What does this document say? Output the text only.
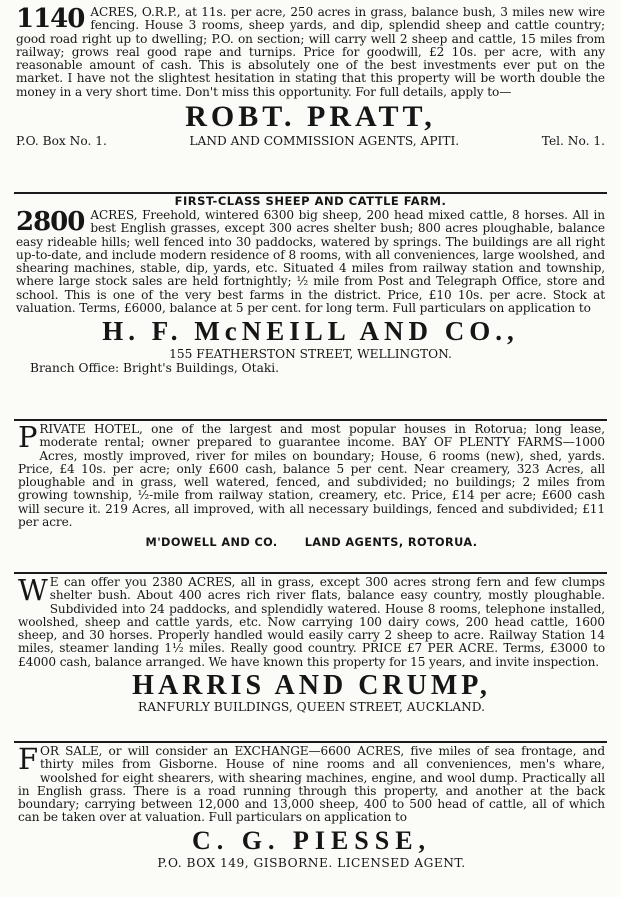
1140 ACRES, O.R.P., at 11s. per acre, 250 acres in grass, balance bush, 3 miles new wire fencing. House 3 rooms, sheep yards, and dip, splendid sheep and cattle country; good road right up to dwelling; P.O. on section; will carry well 2 sheep and cattle, 15 miles from railway; grows real good rape and turnips. Price for goodwill, £2 10s. per acre, with any reasonable amount of cash. This is absolutely one of the best investments ever put on the market. I have not the slightest hesitation in stating that this property will be worth double the money in a very short time. Don't miss this opportunity. For full details, apply to—

ROBT. PRATT,
P.O. Box No. 1.	LAND AND COMMISSION AGENTS, APITI.	Tel. No. 1.
FIRST-CLASS SHEEP AND CATTLE FARM.

2800 ACRES, Freehold, wintered 6300 big sheep, 200 head mixed cattle, 8 horses. All in best English grasses, except 300 acres shelter bush; 800 acres ploughable, balance easy rideable hills; well fenced into 30 paddocks, watered by springs. The buildings are all right up-to-date, and include modern residence of 8 rooms, with all conveniences, large woolshed, and shearing machines, stable, dip, yards, etc. Situated 4 miles from railway station and township, where large stock sales are held fortnightly; ½ mile from Post and Telegraph Office, store and school. This is one of the very best farms in the district. Price, £10 10s. per acre. Stock at valuation. Terms, £6000, balance at 5 per cent. for long term. Full particulars on application to

H. F. McNEILL AND CO.,
155 FEATHERSTON STREET, WELLINGTON.
Branch Office: Bright's Buildings, Otaki.

PRIVATE HOTEL, one of the largest and most popular houses in Rotorua; long lease, moderate rental; owner prepared to guarantee income. BAY OF PLENTY FARMS—1000 Acres, mostly improved, river for miles on boundary; House, 6 rooms (new), shed, yards. Price, £4 10s. per acre; only £600 cash, balance 5 per cent. Near creamery, 323 Acres, all ploughable and in grass, well watered, fenced, and subdivided; no buildings; 2 miles from growing township, ½-mile from railway station, creamery, etc. Price, £14 per acre; £600 cash will secure it. 219 Acres, all improved, with all necessary buildings, fenced and subdivided; £11 per acre.

M'DOWELL AND CO. LAND AGENTS, ROTORUA.

W E can offer you 2380 ACRES, all in grass, except 300 acres strong fern and few clumps shelter bush. About 400 acres rich river flats, balance easy country, mostly ploughable. Subdivided into 24 paddocks, and splendidly watered. House 8 rooms, telephone installed, woolshed, sheep and cattle yards, etc. Now carrying 100 dairy cows, 200 head cattle, 1600 sheep, and 30 horses. Properly handled would easily carry 2 sheep to acre. Railway Station 14 miles, steamer landing 1½ miles. Really good country. PRICE £7 PER ACRE. Terms, £3000 to £4000 cash, balance arranged. We have known this property for 15 years, and invite inspection.

HARRIS AND CRUMP,
RANFURLY BUILDINGS, QUEEN STREET, AUCKLAND.

FOR SALE, or will consider an EXCHANGE—6600 ACRES, five miles of sea frontage, and thirty miles from Gisborne. House of nine rooms and all conveniences, men's whare, woolshed for eight shearers, with shearing machines, engine, and wool dump. Practically all in English grass. There is a road running through this property, and another at the back boundary; carrying between 12,000 and 13,000 sheep, 400 to 500 head of cattle, all of which can be taken over at valuation. Full particulars on application to

C. G. PIESSE,
P.O. BOX 149, GISBORNE. LICENSED AGENT.
